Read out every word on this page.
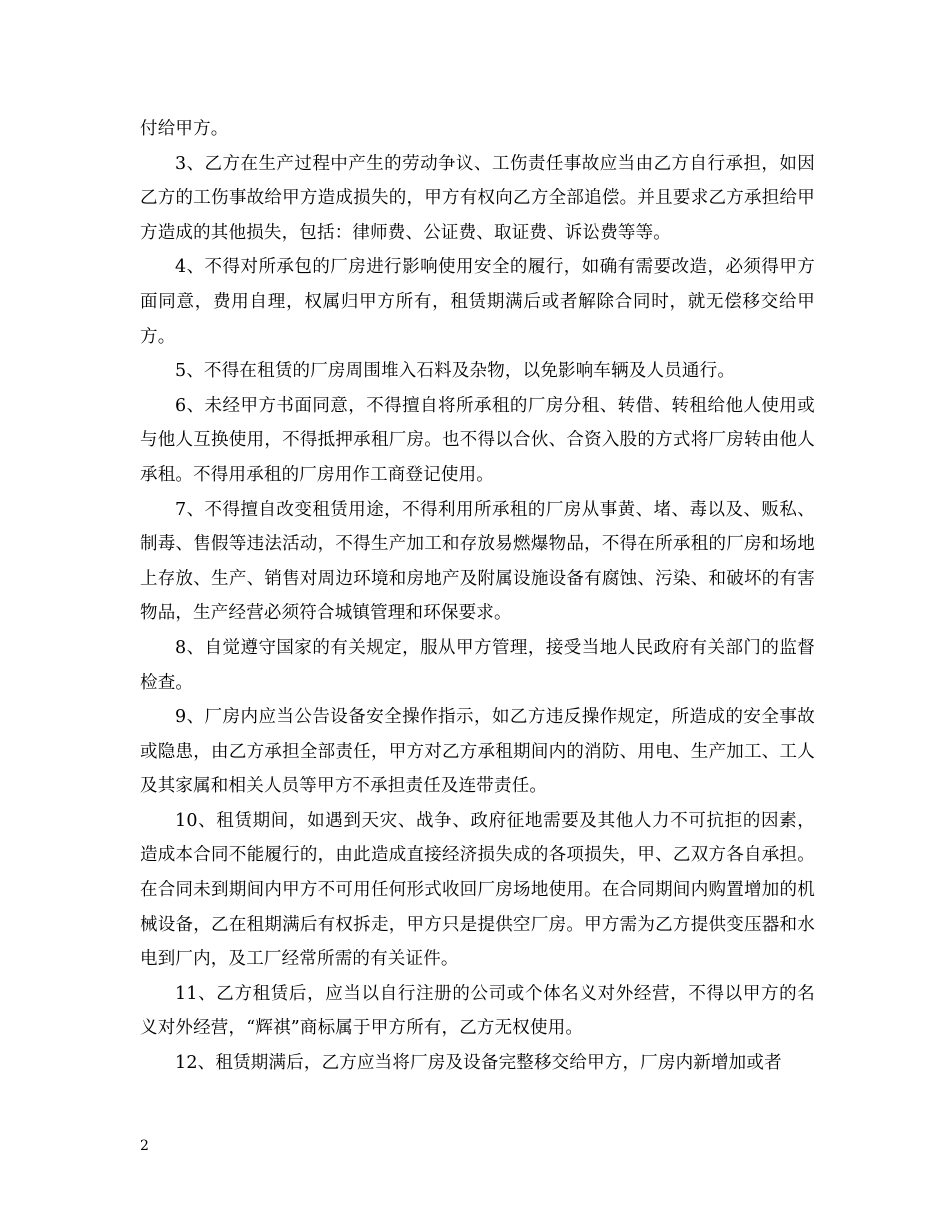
付给甲方。

3、乙方在生产过程中产生的劳动争议、工伤责任事故应当由乙方自行承担，如因乙方的工伤事故给甲方造成损失的，甲方有权向乙方全部追偿。并且要求乙方承担给甲方造成的其他损失，包括：律师费、公证费、取证费、诉讼费等等。

4、不得对所承包的厂房进行影响使用安全的履行，如确有需要改造，必须得甲方面同意，费用自理，权属归甲方所有，租赁期满后或者解除合同时，就无偿移交给甲方。

5、不得在租赁的厂房周围堆入石料及杂物，以免影响车辆及人员通行。

6、未经甲方书面同意，不得擅自将所承租的厂房分租、转借、转租给他人使用或与他人互换使用，不得抵押承租厂房。也不得以合伙、合资入股的方式将厂房转由他人承租。不得用承租的厂房用作工商登记使用。

7、不得擅自改变租赁用途，不得利用所承租的厂房从事黄、堵、毒以及、贩私、制毒、售假等违法活动，不得生产加工和存放易燃爆物品，不得在所承租的厂房和场地上存放、生产、销售对周边环境和房地产及附属设施设备有腐蚀、污染、和破坏的有害物品，生产经营必须符合城镇管理和环保要求。

8、自觉遵守国家的有关规定，服从甲方管理，接受当地人民政府有关部门的监督检查。

9、厂房内应当公告设备安全操作指示，如乙方违反操作规定，所造成的安全事故或隐患，由乙方承担全部责任，甲方对乙方承租期间内的消防、用电、生产加工、工人及其家属和相关人员等甲方不承担责任及连带责任。

10、租赁期间，如遇到天灾、战争、政府征地需要及其他人力不可抗拒的因素，造成本合同不能履行的，由此造成直接经济损失成的各项损失，甲、乙双方各自承担。在合同未到期间内甲方不可用任何形式收回厂房场地使用。在合同期间内购置增加的机械设备，乙在租期满后有权拆走，甲方只是提供空厂房。甲方需为乙方提供变压器和水电到厂内，及工厂经常所需的有关证件。

11、乙方租赁后，应当以自行注册的公司或个体名义对外经营，不得以甲方的名义对外经营，“辉祺”商标属于甲方所有，乙方无权使用。

12、租赁期满后，乙方应当将厂房及设备完整移交给甲方，厂房内新增加或者

2
